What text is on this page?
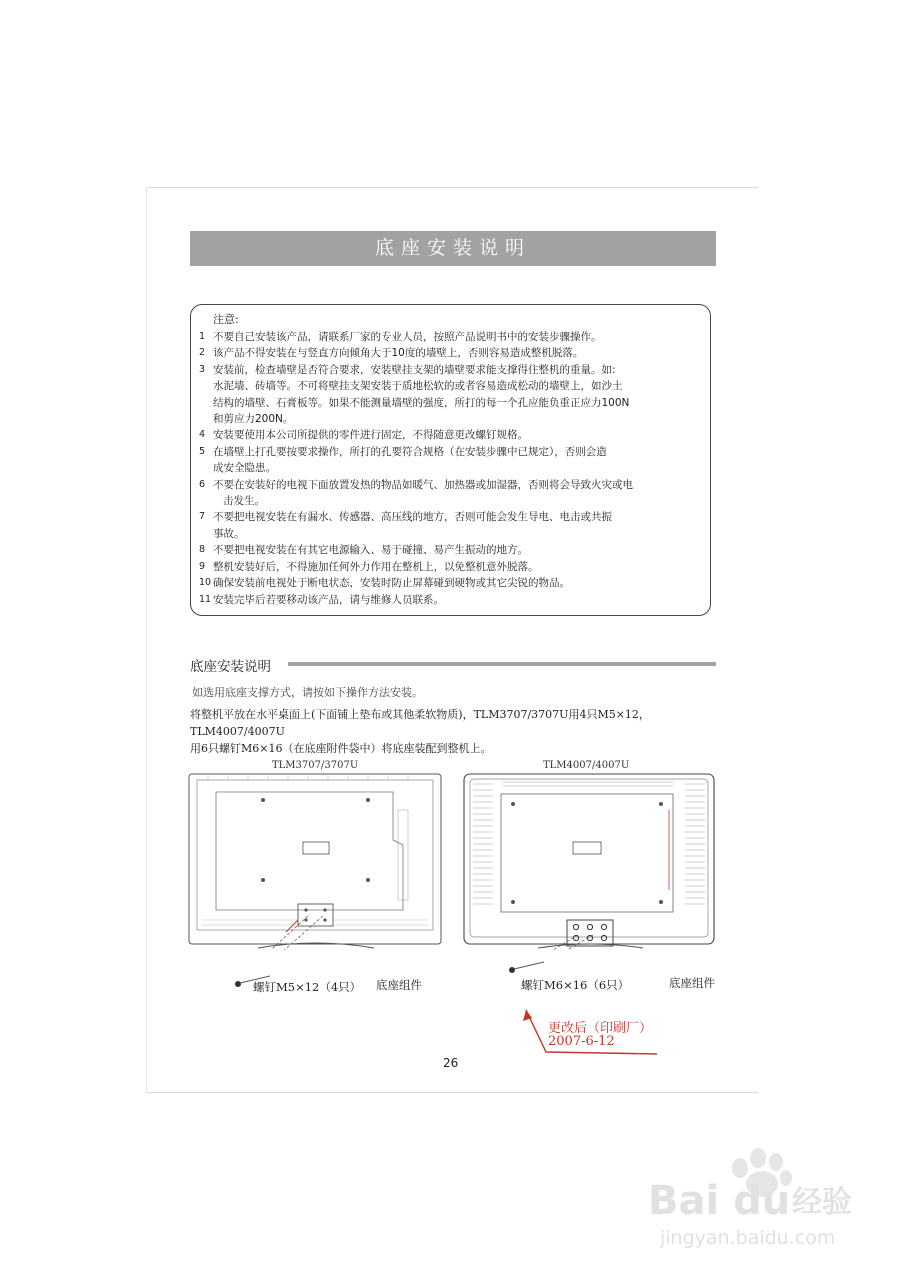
底座安装说明
注意:
1 不要自己安装该产品，请联系厂家的专业人员，按照产品说明书中的安装步骤操作。
2 该产品不得安装在与竖直方向倾角大于10度的墙壁上，否则容易造成整机脱落。
3 安装前，检查墙壁是否符合要求，安装壁挂支架的墙壁要求能支撑得住整机的重量。如:
水泥墙、砖墙等。不可将壁挂支架安装于质地松软的或者容易造成松动的墙壁上，如沙土
结构的墙壁、石膏板等。如果不能测量墙壁的强度，所打的每一个孔应能负重正应力100N
和剪应力200N。
4 安装要使用本公司所提供的零件进行固定，不得随意更改螺钉规格。
5 在墙壁上打孔要按要求操作，所打的孔要符合规格（在安装步骤中已规定），否则会造
成安全隐患。
6 不要在安装好的电视下面放置发热的物品如暖气、加热器或加湿器，否则将会导致火灾或电
击发生。
7 不要把电视安装在有漏水、传感器、高压线的地方，否则可能会发生导电、电击或共振
事故。
8 不要把电视安装在有其它电源输入、易于碰撞、易产生振动的地方。
9 整机安装好后，不得施加任何外力作用在整机上，以免整机意外脱落。
10 确保安装前电视处于断电状态，安装时防止屏幕碰到硬物或其它尖锐的物品。
11 安装完毕后若要移动该产品，请与维修人员联系。
底座安装说明
如选用底座支撑方式，请按如下操作方法安装。
将整机平放在水平桌面上(下面铺上垫布或其他柔软物质)，TLM3707/3707U用4只M5×12，TLM4007/4007U
用6只螺钉M6×16（在底座附件袋中）将底座装配到整机上。
TLM3707/3707U
螺钉M5×12（4只） 底座组件
TLM4007/4007U
螺钉M6×16（6只）	底座组件
更改后（印刷厂）
2007-6-12
26
Bai du 经验
jingyan.baidu.com
